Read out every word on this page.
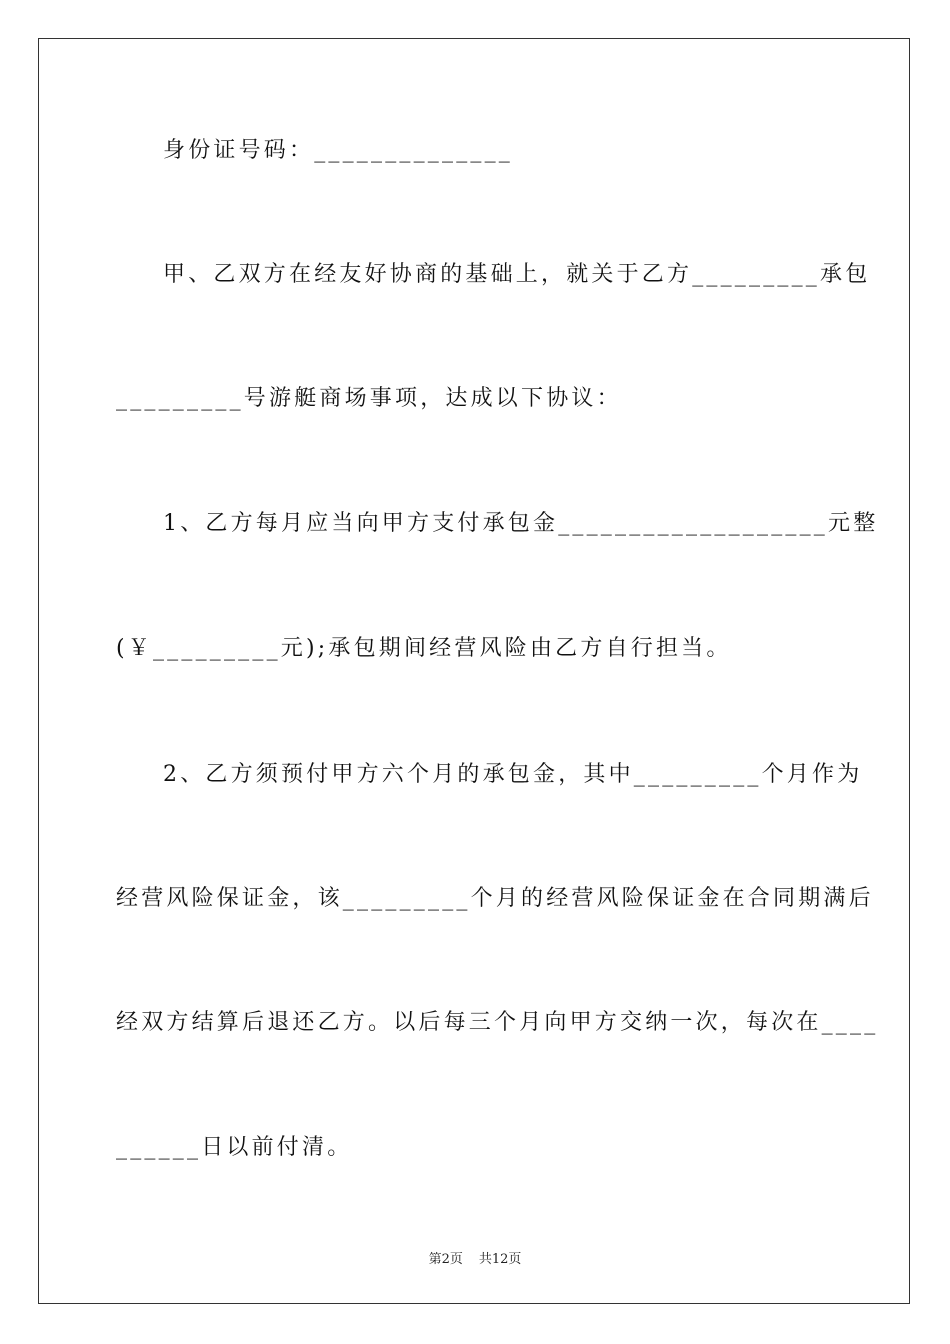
身份证号码：______________
甲、乙双方在经友好协商的基础上，就关于乙方_________承包
_________号游艇商场事项，达成以下协议：
1、乙方每月应当向甲方支付承包金___________________元整
(￥_________元);承包期间经营风险由乙方自行担当。
2、乙方须预付甲方六个月的承包金，其中_________个月作为
经营风险保证金，该_________个月的经营风险保证金在合同期满后
经双方结算后退还乙方。以后每三个月向甲方交纳一次，每次在____
______日以前付清。
第2页 共12页
